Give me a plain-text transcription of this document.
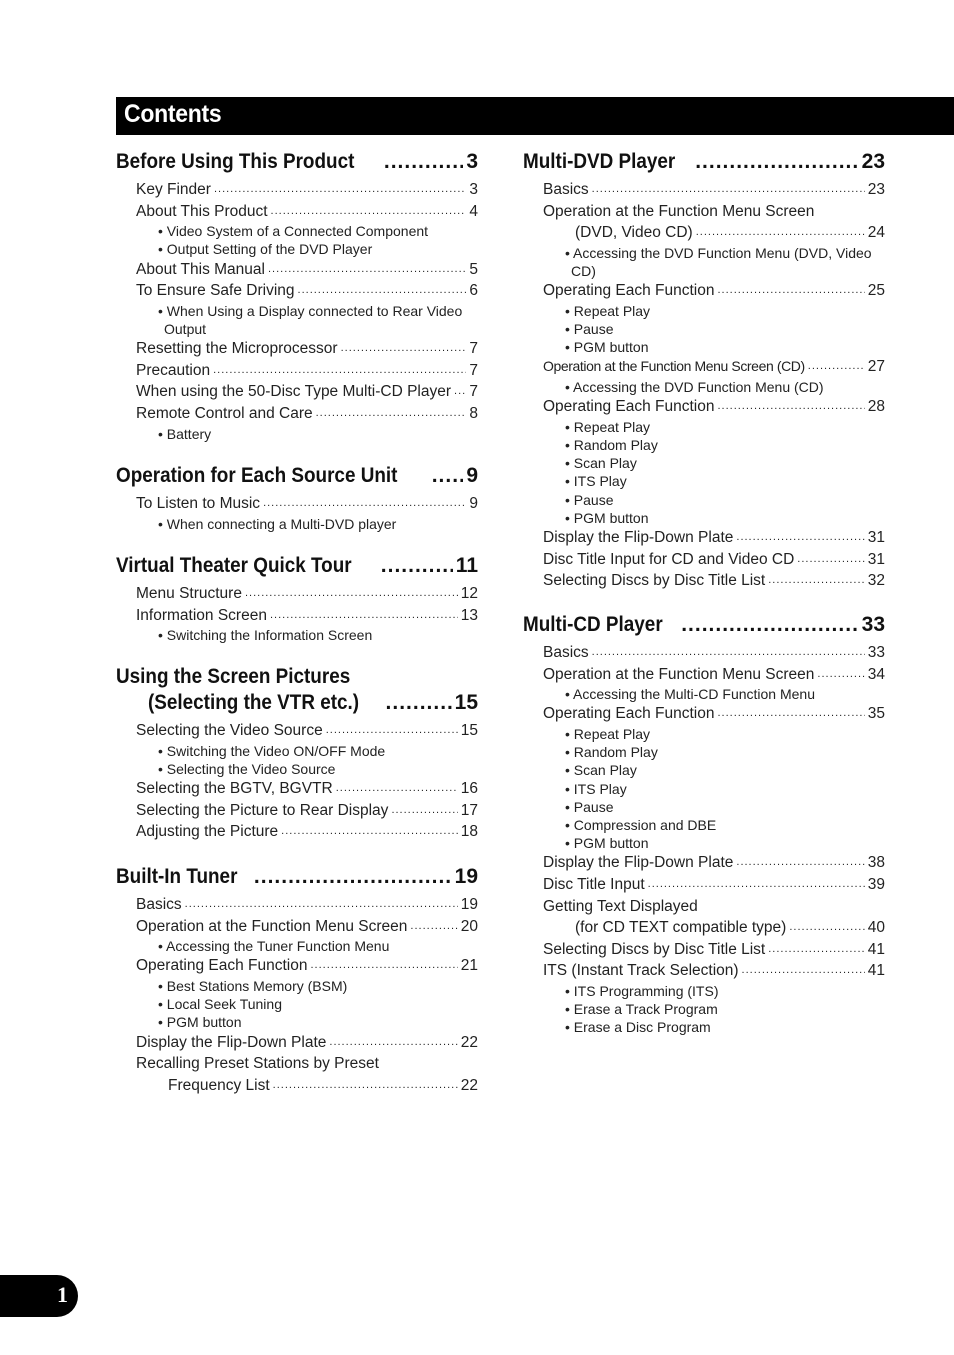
Contents
Before Using This Product .....	3
Key Finder .....	3
About This Product .....	4
• Video System of a Connected Component
• Output Setting of the DVD Player
About This Manual .....	5
To Ensure Safe Driving .....	6
• When Using a Display connected to Rear Video Output
Resetting the Microprocessor .....	7
Precaution .....	7
When using the 50-Disc Type Multi-CD Player ..... 7
Remote Control and Care .....	8
• Battery
Operation for Each Source Unit .....	9
To Listen to Music .....	9
• When connecting a Multi-DVD player
Virtual Theater Quick Tour .....	11
Menu Structure .....	12
Information Screen .....	13
• Switching the Information Screen
Using the Screen Pictures
(Selecting the VTR etc.) .....	15
Selecting the Video Source .....	15
• Switching the Video ON/OFF Mode
• Selecting the Video Source
Selecting the BGTV, BGVTR .....	16
Selecting the Picture to Rear Display .....	17
Adjusting the Picture .....	18
Built-In Tuner .....	19
Basics .....	19
Operation at the Function Menu Screen .....	20
• Accessing the Tuner Function Menu
Operating Each Function .....	21
• Best Stations Memory (BSM)
• Local Seek Tuning
• PGM button
Display the Flip-Down Plate .....	22
Recalling Preset Stations by Preset
Frequency List .....	22
Multi-DVD Player .....	23
Basics .....	23
Operation at the Function Menu Screen
(DVD, Video CD) .....	24
• Accessing the DVD Function Menu (DVD, Video CD)
Operating Each Function .....	25
• Repeat Play
• Pause
• PGM button
Operation at the Function Menu Screen (CD) .....	27
• Accessing the DVD Function Menu (CD)
Operating Each Function .....	28
• Repeat Play
• Random Play
• Scan Play
• ITS Play
• Pause
• PGM button
Display the Flip-Down Plate .....	31
Disc Title Input for CD and Video CD .....	31
Selecting Discs by Disc Title List .....	32
Multi-CD Player .....	33
Basics .....	33
Operation at the Function Menu Screen .....	34
• Accessing the Multi-CD Function Menu
Operating Each Function .....	35
• Repeat Play
• Random Play
• Scan Play
• ITS Play
• Pause
• Compression and DBE
• PGM button
Display the Flip-Down Plate .....	38
Disc Title Input .....	39
Getting Text Displayed
(for CD TEXT compatible type) .....	40
Selecting Discs by Disc Title List .....	41
ITS (Instant Track Selection) .....	41
• ITS Programming (ITS)
• Erase a Track Program
• Erase a Disc Program
1
